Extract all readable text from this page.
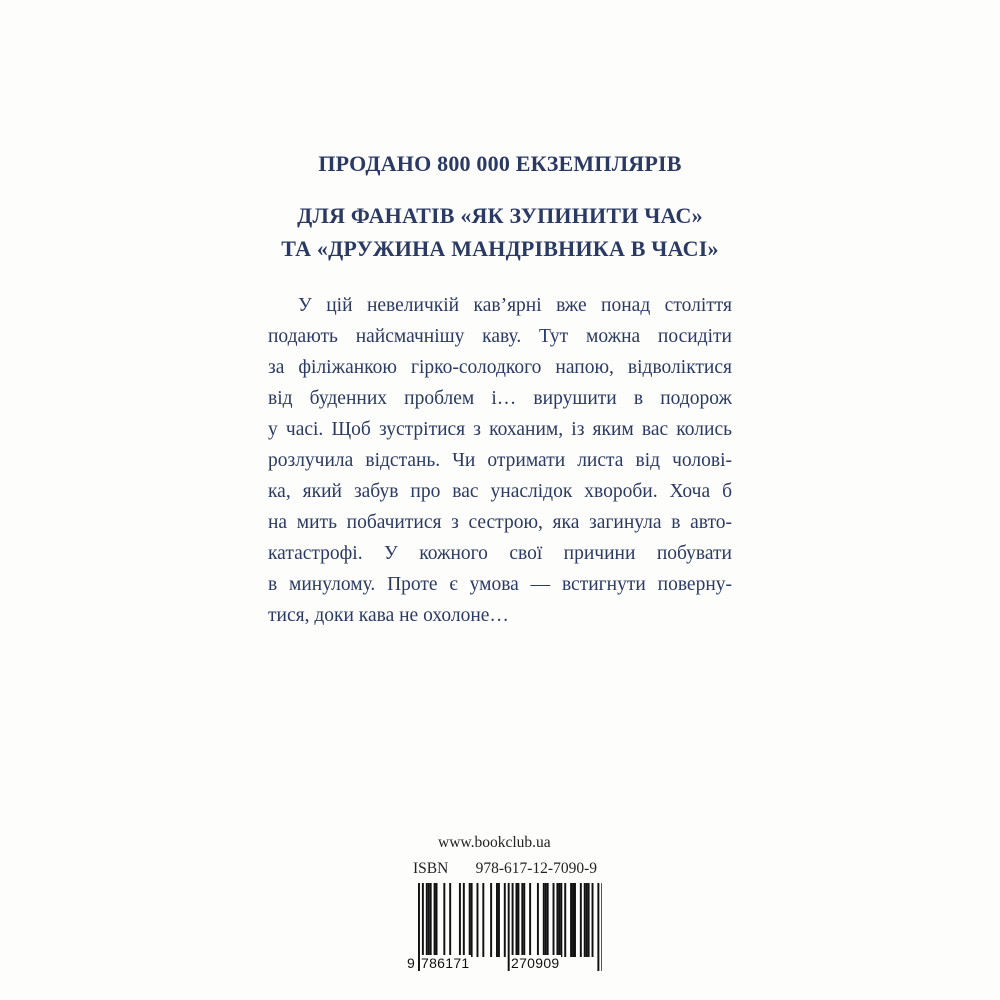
ПРОДАНО 800 000 ЕКЗЕМПЛЯРІВ

ДЛЯ ФАНАТІВ «ЯК ЗУПИНИТИ ЧАС»

ТА «ДРУЖИНА МАНДРІВНИКА В ЧАСІ»

У цій невеличкій кав’ярні вже понад століття
подають найсмачнішу каву. Тут можна посидіти
за філіжанкою гірко-солодкого напою, відволіктися
від буденних проблем і… вирушити в подорож
у часі. Щоб зустрітися з коханим, із яким вас колись
розлучила відстань. Чи отримати листа від чолові-
ка, який забув про вас унаслідок хвороби. Хоча б
на мить побачитися з сестрою, яка загинула в авто-
катастрофі. У кожного свої причини побувати
в минулому. Проте є умова — встигнути поверну-
тися, доки кава не охолоне…
www.bookclub.ua
ISBN 978-617-12-7090-9
9 786171	270909
